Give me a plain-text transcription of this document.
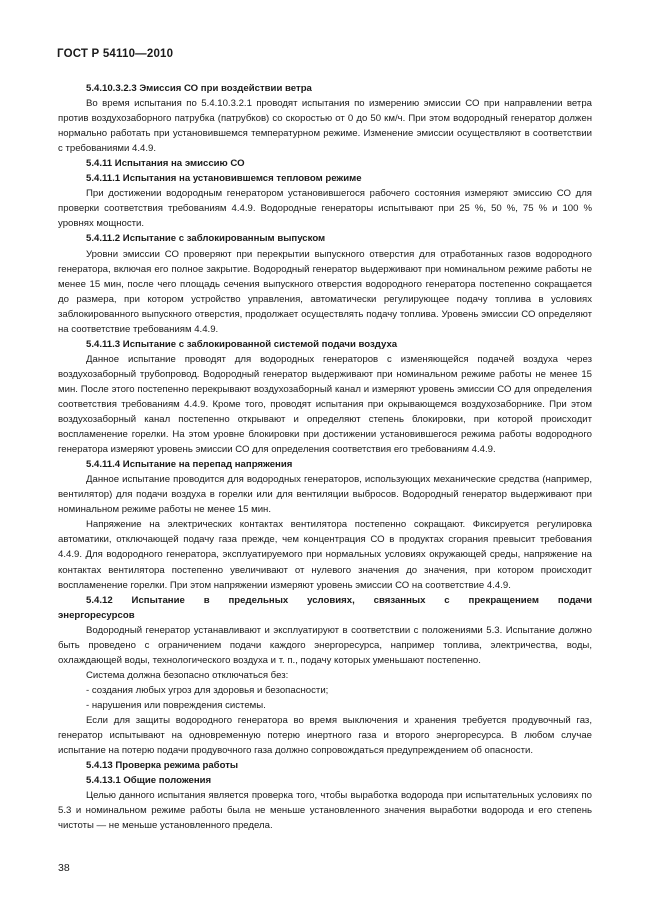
ГОСТ Р 54110—2010

5.4.10.3.2.3 Эмиссия СО при воздействии ветра

Во время испытания по 5.4.10.3.2.1 проводят испытания по измерению эмиссии СО при направлении ветра против воздухозаборного патрубка (патрубков) со скоростью от 0 до 50 км/ч. При этом водородный генератор должен нормально работать при установившемся температурном режиме. Изменение эмиссии осуществляют в соответствии с требованиями 4.4.9.

5.4.11 Испытания на эмиссию СО

5.4.11.1 Испытания на установившемся тепловом режиме

При достижении водородным генератором установившегося рабочего состояния измеряют эмиссию СО для проверки соответствия требованиям 4.4.9. Водородные генераторы испытывают при 25 %, 50 %, 75 % и 100 % уровнях мощности.

5.4.11.2 Испытание с заблокированным выпуском

Уровни эмиссии СО проверяют при перекрытии выпускного отверстия для отработанных газов водородного генератора, включая его полное закрытие. Водородный генератор выдерживают при номинальном режиме работы не менее 15 мин, после чего площадь сечения выпускного отверстия водородного генератора постепенно сокращается до размера, при котором устройство управления, автоматически регулирующее подачу топлива в условиях заблокированного выпускного отверстия, продолжает осуществлять подачу топлива. Уровень эмиссии СО определяют на соответствие требованиям 4.4.9.

5.4.11.3 Испытание с заблокированной системой подачи воздуха

Данное испытание проводят для водородных генераторов с изменяющейся подачей воздуха через воздухозаборный трубопровод. Водородный генератор выдерживают при номинальном режиме работы не менее 15 мин. После этого постепенно перекрывают воздухозаборный канал и измеряют уровень эмиссии СО для определения соответствия требованиям 4.4.9. Кроме того, проводят испытания при окрывающемся воздухозаборнике. При этом воздухозаборный канал постепенно открывают и определяют степень блокировки, при которой происходит воспламенение горелки. На этом уровне блокировки при достижении установившегося режима работы водородного генератора измеряют уровень эмиссии СО для определения соответствия его требованиям 4.4.9.

5.4.11.4 Испытание на перепад напряжения

Данное испытание проводится для водородных генераторов, использующих механические средства (например, вентилятор) для подачи воздуха в горелки или для вентиляции выбросов. Водородный генератор выдерживают при номинальном режиме работы не менее 15 мин.

Напряжение на электрических контактах вентилятора постепенно сокращают. Фиксируется регулировка автоматики, отключающей подачу газа прежде, чем концентрация СО в продуктах сгорания превысит требования 4.4.9. Для водородного генератора, эксплуатируемого при нормальных условиях окружающей среды, напряжение на контактах вентилятора постепенно увеличивают от нулевого значения до значения, при котором происходит воспламенение горелки. При этом напряжении измеряют уровень эмиссии СО на соответствие 4.4.9.

5.4.12 Испытание в предельных условиях, связанных с прекращением подачи

энергоресурсов

Водородный генератор устанавливают и эксплуатируют в соответствии с положениями 5.3. Испытание должно быть проведено с ограничением подачи каждого энергоресурса, например топлива, электричества, воды, охлаждающей воды, технологического воздуха и т. п., подачу которых уменьшают постепенно.

Система должна безопасно отключаться без:

- создания любых угроз для здоровья и безопасности;

- нарушения или повреждения системы.

Если для защиты водородного генератора во время выключения и хранения требуется продувочный газ, генератор испытывают на одновременную потерю инертного газа и второго энергоресурса. В любом случае испытание на потерю подачи продувочного газа должно сопровождаться предупреждением об опасности.

5.4.13 Проверка режима работы

5.4.13.1 Общие положения

Целью данного испытания является проверка того, чтобы выработка водорода при испытательных условиях по 5.3 и номинальном режиме работы была не меньше установленного значения выработки водорода и его степень чистоты — не меньше установленного предела.

38
